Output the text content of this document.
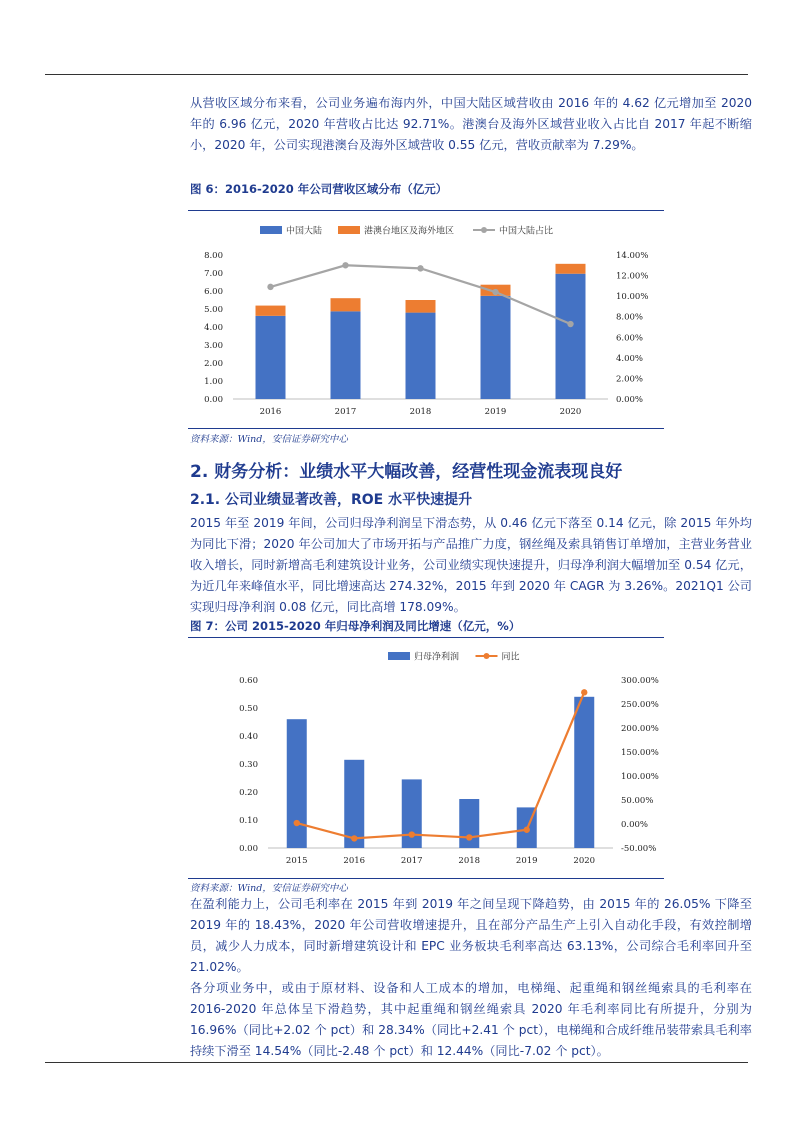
从营收区域分布来看，公司业务遍布海内外，中国大陆区域营收由 2016 年的 4.62 亿元增加至 2020 年的 6.96 亿元，2020 年营收占比达 92.71%。港澳台及海外区域营业收入占比自 2017 年起不断缩小，2020 年，公司实现港澳台及海外区域营收 0.55 亿元，营收贡献率为 7.29%。

图 6：2016-2020 年公司营收区域分布（亿元）

0.00
1.00
2.00
3.00
4.00
5.00
6.00
7.00
8.00
0.00%
2.00%
4.00%
6.00%
8.00%
10.00%
12.00%
14.00%
2016	2017	2018	2019	2020
中国大陆	港澳台地区及海外地区	中国大陆占比

资料来源：Wind，安信证券研究中心

2. 财务分析：业绩水平大幅改善，经营性现金流表现良好

2.1. 公司业绩显著改善，ROE 水平快速提升

2015 年至 2019 年间，公司归母净利润呈下滑态势，从 0.46 亿元下落至 0.14 亿元，除 2015 年外均为同比下滑；2020 年公司加大了市场开拓与产品推广力度，钢丝绳及索具销售订单增加，主营业务营业收入增长，同时新增高毛利建筑设计业务，公司业绩实现快速提升，归母净利润大幅增加至 0.54 亿元，为近几年来峰值水平，同比增速高达 274.32%，2015 年到 2020 年 CAGR 为 3.26%。2021Q1 公司实现归母净利润 0.08 亿元，同比高增 178.09%。

图 7：公司 2015-2020 年归母净利润及同比增速（亿元，%）

0.00
0.10
0.20
0.30
0.40
0.50
0.60
-50.00%
0.00%
50.00%
100.00%
150.00%
200.00%
250.00%
300.00%
2015	2016	2017	2018	2019	2020
归母净利润	同比

资料来源：Wind，安信证券研究中心

在盈利能力上，公司毛利率在 2015 年到 2019 年之间呈现下降趋势，由 2015 年的 26.05% 下降至 2019 年的 18.43%，2020 年公司营收增速提升，且在部分产品生产上引入自动化手段，有效控制增员，减少人力成本，同时新增建筑设计和 EPC 业务板块毛利率高达 63.13%，公司综合毛利率回升至 21.02%。

各分项业务中，或由于原材料、设备和人工成本的增加，电梯绳、起重绳和钢丝绳索具的毛利率在 2016-2020 年总体呈下滑趋势，其中起重绳和钢丝绳索具 2020 年毛利率同比有所提升，分别为 16.96%（同比+2.02 个 pct）和 28.34%（同比+2.41 个 pct），电梯绳和合成纤维吊装带索具毛利率持续下滑至 14.54%（同比-2.48 个 pct）和 12.44%（同比-7.02 个 pct）。
